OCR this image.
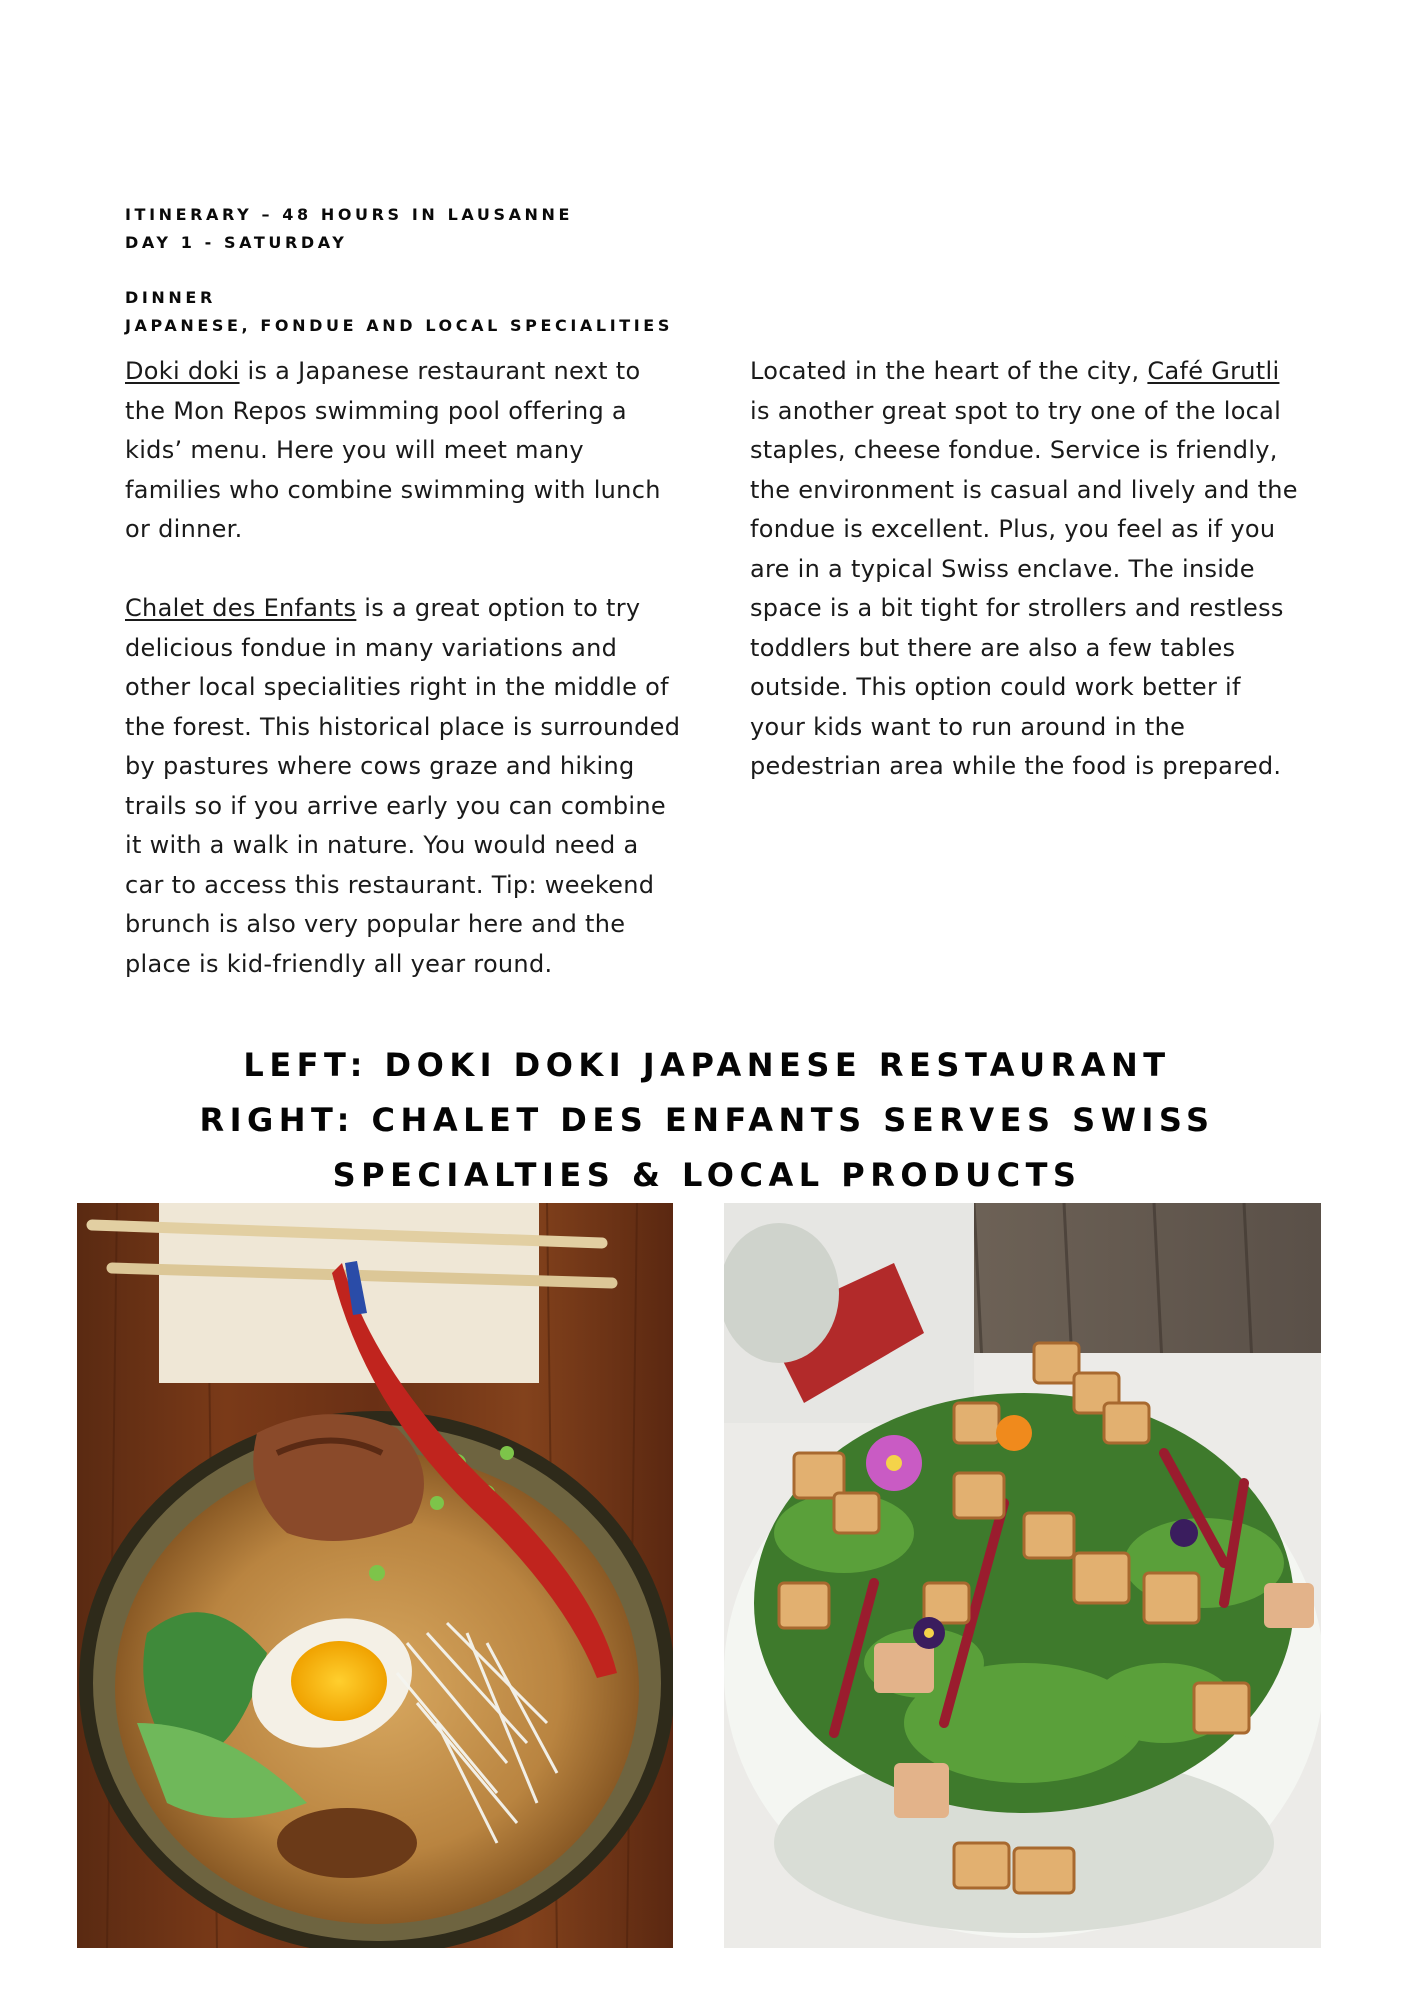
ITINERARY – 48 HOURS IN LAUSANNE
DAY 1 - SATURDAY
DINNER
JAPANESE, FONDUE AND LOCAL SPECIALITIES

Doki doki is a Japanese restaurant next to the Mon Repos swimming pool offering a kids’ menu. Here you will meet many families who combine swimming with lunch or dinner.

Chalet des Enfants is a great option to try delicious fondue in many variations and other local specialities right in the middle of the forest. This historical place is surrounded by pastures where cows graze and hiking trails so if you arrive early you can combine it with a walk in nature. You would need a car to access this restaurant. Tip: weekend brunch is also very popular here and the place is kid-friendly all year round.

Located in the heart of the city, Café Grutli is another great spot to try one of the local staples, cheese fondue. Service is friendly, the environment is casual and lively and the fondue is excellent. Plus, you feel as if you are in a typical Swiss enclave. The inside space is a bit tight for strollers and restless toddlers but there are also a few tables outside. This option could work better if your kids want to run around in the pedestrian area while the food is prepared.

LEFT: DOKI DOKI JAPANESE RESTAURANT
RIGHT: CHALET DES ENFANTS SERVES SWISS
SPECIALTIES & LOCAL PRODUCTS
